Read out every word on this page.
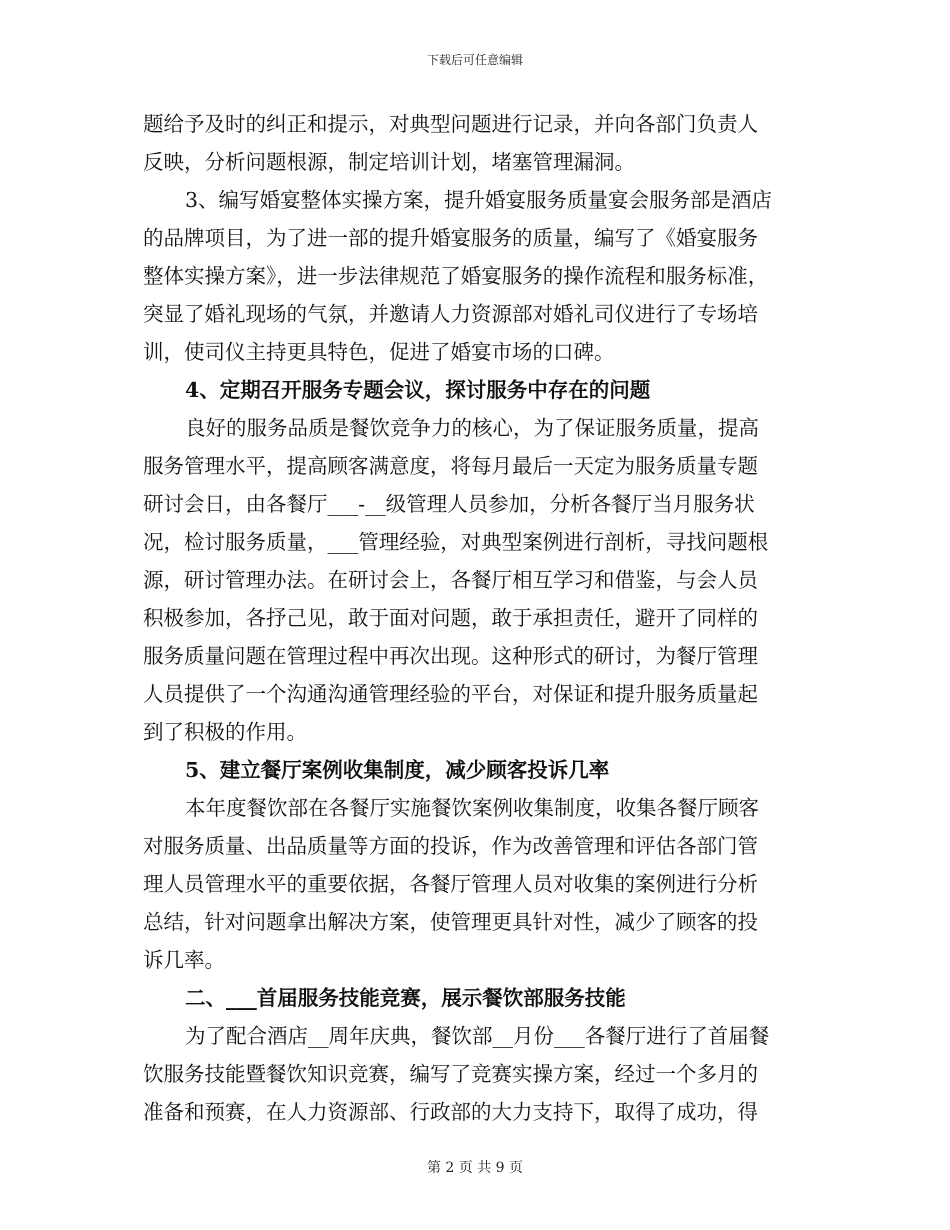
下载后可任意编辑
题给予及时的纠正和提示，对典型问题进行记录，并向各部门负责人
反映，分析问题根源，制定培训计划，堵塞管理漏洞。
3、编写婚宴整体实操方案，提升婚宴服务质量宴会服务部是酒店
的品牌项目，为了进一部的提升婚宴服务的质量，编写了《婚宴服务
整体实操方案》，进一步法律规范了婚宴服务的操作流程和服务标准，
突显了婚礼现场的气氛，并邀请人力资源部对婚礼司仪进行了专场培
训，使司仪主持更具特色，促进了婚宴市场的口碑。
4、定期召开服务专题会议，探讨服务中存在的问题
良好的服务品质是餐饮竞争力的核心，为了保证服务质量，提高
服务管理水平，提高顾客满意度，将每月最后一天定为服务质量专题
研讨会日，由各餐厅___-__级管理人员参加，分析各餐厅当月服务状
况，检讨服务质量，___管理经验，对典型案例进行剖析，寻找问题根
源，研讨管理办法。在研讨会上，各餐厅相互学习和借鉴，与会人员
积极参加，各抒己见，敢于面对问题，敢于承担责任，避开了同样的
服务质量问题在管理过程中再次出现。这种形式的研讨，为餐厅管理
人员提供了一个沟通沟通管理经验的平台，对保证和提升服务质量起
到了积极的作用。
5、建立餐厅案例收集制度，减少顾客投诉几率
本年度餐饮部在各餐厅实施餐饮案例收集制度，收集各餐厅顾客
对服务质量、出品质量等方面的投诉，作为改善管理和评估各部门管
理人员管理水平的重要依据，各餐厅管理人员对收集的案例进行分析
总结，针对问题拿出解决方案，使管理更具针对性，减少了顾客的投
诉几率。
二、___首届服务技能竞赛，展示餐饮部服务技能
为了配合酒店__周年庆典，餐饮部__月份___各餐厅进行了首届餐
饮服务技能暨餐饮知识竞赛，编写了竞赛实操方案，经过一个多月的
准备和预赛，在人力资源部、行政部的大力支持下，取得了成功，得
第 2 页 共 9 页
